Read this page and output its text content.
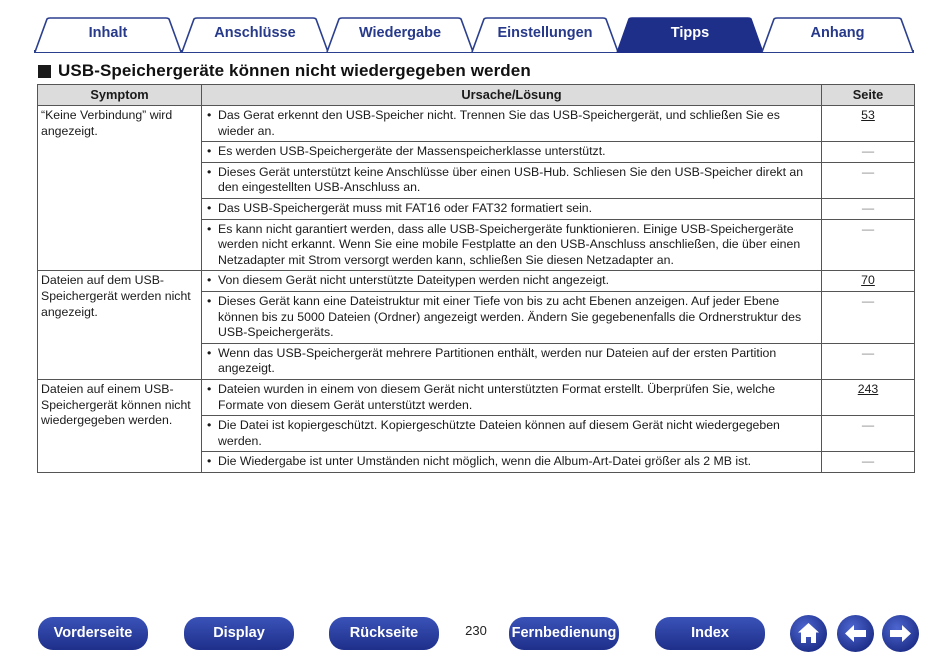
Inhalt	Anschlüsse	Wiedergabe	Einstellungen	Tipps	Anhang
USB-Speichergeräte können nicht wiedergegeben werden
Symptom	Ursache/Lösung	Seite
“Keine Verbindung” wird angezeigt.	• Das Gerat erkennt den USB-Speicher nicht. Trennen Sie das USB-Speichergerät, und schließen Sie es wieder an.	53
	• Es werden USB-Speichergeräte der Massenspeicherklasse unterstützt.	—
	• Dieses Gerät unterstützt keine Anschlüsse über einen USB-Hub. Schliesen Sie den USB-Speicher direkt an den eingestellten USB-Anschluss an.	—
	• Das USB-Speichergerät muss mit FAT16 oder FAT32 formatiert sein.	—
	• Es kann nicht garantiert werden, dass alle USB-Speichergeräte funktionieren. Einige USB-Speichergeräte werden nicht erkannt. Wenn Sie eine mobile Festplatte an den USB-Anschluss anschließen, die über einen Netzadapter mit Strom versorgt werden kann, schließen Sie diesen Netzadapter an.	—
Dateien auf dem USB-Speichergerät werden nicht angezeigt.	• Von diesem Gerät nicht unterstützte Dateitypen werden nicht angezeigt.	70
	• Dieses Gerät kann eine Dateistruktur mit einer Tiefe von bis zu acht Ebenen anzeigen. Auf jeder Ebene können bis zu 5000 Dateien (Ordner) angezeigt werden. Ändern Sie gegebenenfalls die Ordnerstruktur des USB-Speichergeräts.	—
	• Wenn das USB-Speichergerät mehrere Partitionen enthält, werden nur Dateien auf der ersten Partition angezeigt.	—
Dateien auf einem USB-Speichergerät können nicht wiedergegeben werden.	• Dateien wurden in einem von diesem Gerät nicht unterstützten Format erstellt. Überprüfen Sie, welche Formate von diesem Gerät unterstützt werden.	243
	• Die Datei ist kopiergeschützt. Kopiergeschützte Dateien können auf diesem Gerät nicht wiedergegeben werden.	—
	• Die Wiedergabe ist unter Umständen nicht möglich, wenn die Album-Art-Datei größer als 2 MB ist.	—
Vorderseite	Display	Rückseite	230	Fernbedienung	Index
